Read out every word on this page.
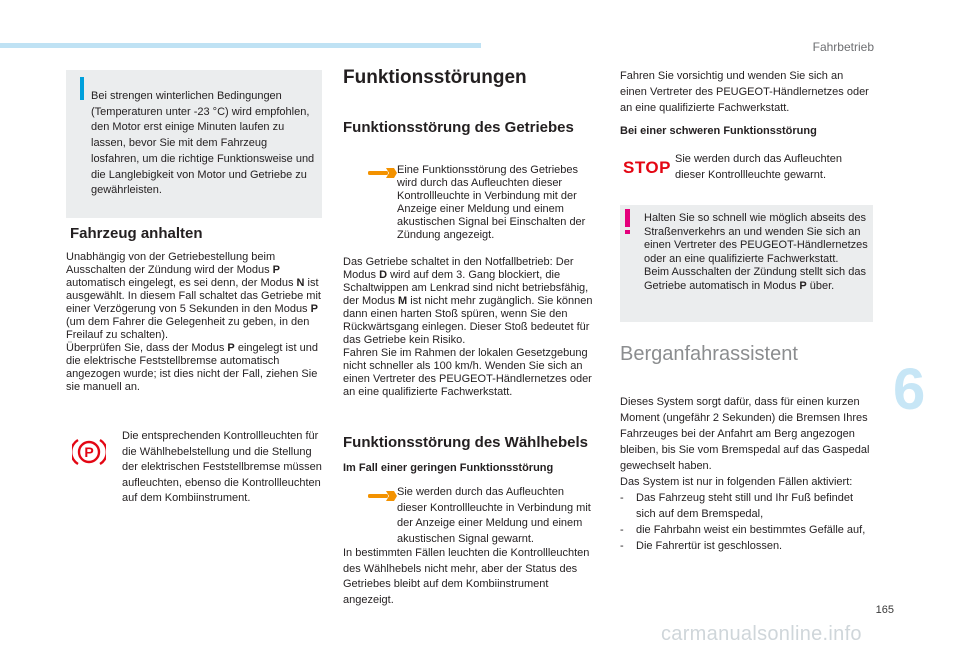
Fahrbetrieb
6

Bei strengen winterlichen Bedingungen (Temperaturen unter -23 °C) wird empfohlen, den Motor erst einige Minuten laufen zu lassen, bevor Sie mit dem Fahrzeug losfahren, um die richtige Funktionsweise und die Langlebigkeit von Motor und Getriebe zu gewährleisten.

Fahrzeug anhalten

Unabhängig von der Getriebestellung beim Ausschalten der Zündung wird der Modus P automatisch eingelegt, es sei denn, der Modus N ist ausgewählt. In diesem Fall schaltet das Getriebe mit einer Verzögerung von 5 Sekunden in den Modus P (um dem Fahrer die Gelegenheit zu geben, in den Freilauf zu schalten).

Überprüfen Sie, dass der Modus P eingelegt ist und die elektrische Feststellbremse automatisch angezogen wurde; ist dies nicht der Fall, ziehen Sie sie manuell an.

P

Die entsprechenden Kontrollleuchten für die Wählhebelstellung und die Stellung der elektrischen Feststellbremse müssen aufleuchten, ebenso die Kontrollleuchten auf dem Kombiinstrument.

Funktionsstörungen
Funktionsstörung des Getriebes

Eine Funktionsstörung des Getriebes wird durch das Aufleuchten dieser Kontrollleuchte in Verbindung mit der Anzeige einer Meldung und einem akustischen Signal bei Einschalten der Zündung angezeigt.

Das Getriebe schaltet in den Notfallbetrieb: Der Modus D wird auf dem 3. Gang blockiert, die Schaltwippen am Lenkrad sind nicht betriebsfähig, der Modus M ist nicht mehr zugänglich. Sie können dann einen harten Stoß spüren, wenn Sie den Rückwärtsgang einlegen. Dieser Stoß bedeutet für das Getriebe kein Risiko.

Fahren Sie im Rahmen der lokalen Gesetzgebung nicht schneller als 100 km/h. Wenden Sie sich an einen Vertreter des PEUGEOT-Händlernetzes oder an eine qualifizierte Fachwerkstatt.

Funktionsstörung des Wählhebels
Im Fall einer geringen Funktionsstörung

Sie werden durch das Aufleuchten dieser Kontrollleuchte in Verbindung mit der Anzeige einer Meldung und einem akustischen Signal gewarnt.

In bestimmten Fällen leuchten die Kontrollleuchten des Wählhebels nicht mehr, aber der Status des Getriebes bleibt auf dem Kombiinstrument angezeigt.

Fahren Sie vorsichtig und wenden Sie sich an einen Vertreter des PEUGEOT-Händlernetzes oder an eine qualifizierte Fachwerkstatt.

Bei einer schweren Funktionsstörung
STOP Sie werden durch das Aufleuchten dieser Kontrollleuchte gewarnt.

Halten Sie so schnell wie möglich abseits des Straßenverkehrs an und wenden Sie sich an einen Vertreter des PEUGEOT-Händlernetzes oder an eine qualifizierte Fachwerkstatt.

Beim Ausschalten der Zündung stellt sich das Getriebe automatisch in Modus P über.

Berganfahrassistent

Dieses System sorgt dafür, dass für einen kurzen Moment (ungefähr 2 Sekunden) die Bremsen Ihres Fahrzeuges bei der Anfahrt am Berg angezogen bleiben, bis Sie vom Bremspedal auf das Gaspedal gewechselt haben.

Das System ist nur in folgenden Fällen aktiviert:

- Das Fahrzeug steht still und Ihr Fuß befindet sich auf dem Bremspedal,
- die Fahrbahn weist ein bestimmtes Gefälle auf,
- Die Fahrertür ist geschlossen.
165
carmanualsonline.info
